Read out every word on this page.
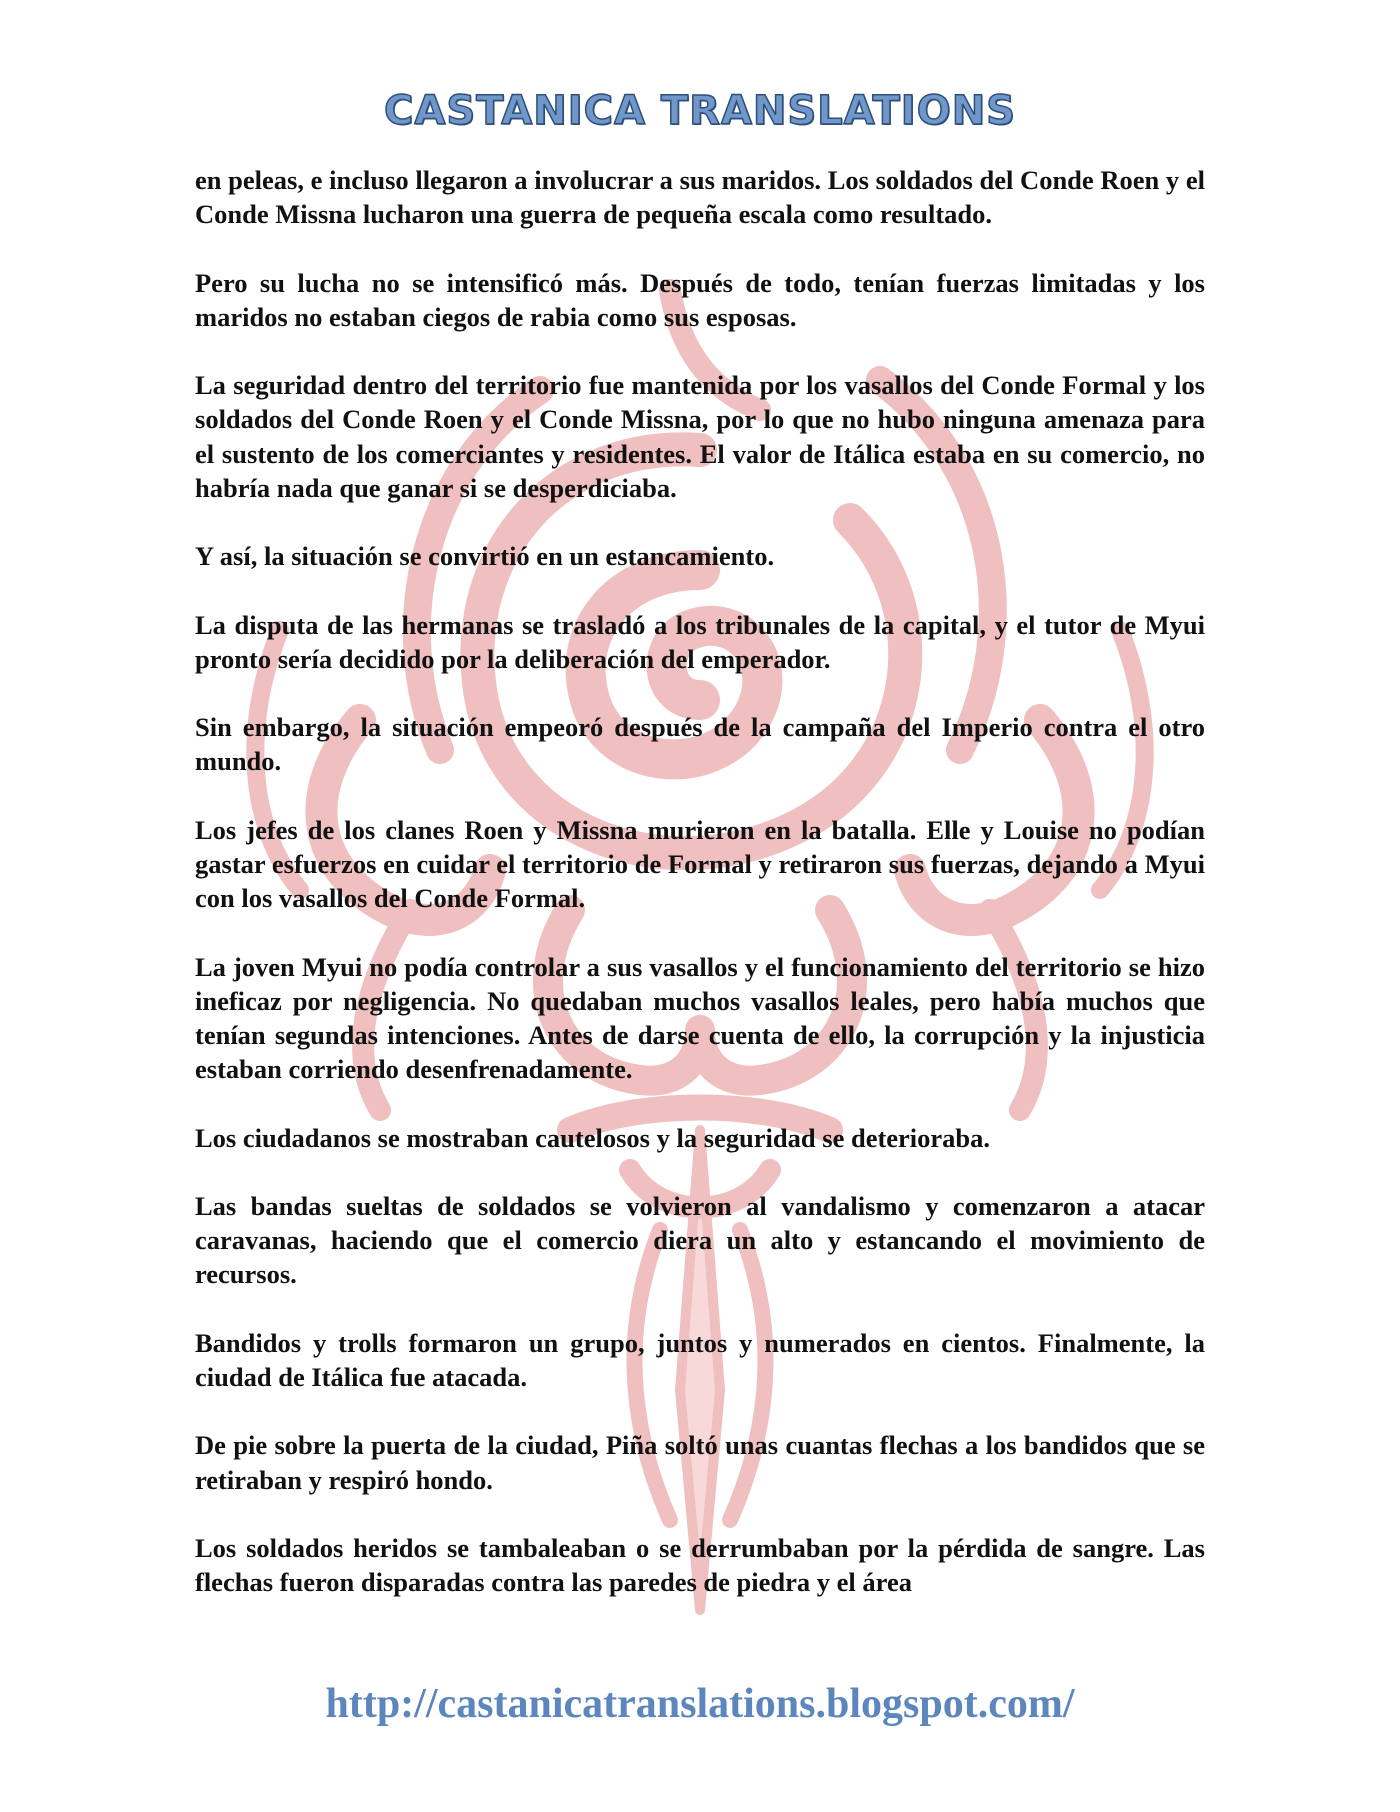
CASTANICA TRANSLATIONS

en peleas, e incluso llegaron a involucrar a sus maridos. Los soldados del Conde Roen y el Conde Missna lucharon una guerra de pequeña escala como resultado.

Pero su lucha no se intensificó más. Después de todo, tenían fuerzas limitadas y los maridos no estaban ciegos de rabia como sus esposas.

La seguridad dentro del territorio fue mantenida por los vasallos del Conde Formal y los soldados del Conde Roen y el Conde Missna, por lo que no hubo ninguna amenaza para el sustento de los comerciantes y residentes. El valor de Itálica estaba en su comercio, no habría nada que ganar si se desperdiciaba.

Y así, la situación se convirtió en un estancamiento.

La disputa de las hermanas se trasladó a los tribunales de la capital, y el tutor de Myui pronto sería decidido por la deliberación del emperador.

Sin embargo, la situación empeoró después de la campaña del Imperio contra el otro mundo.

Los jefes de los clanes Roen y Missna murieron en la batalla. Elle y Louise no podían gastar esfuerzos en cuidar el territorio de Formal y retiraron sus fuerzas, dejando a Myui con los vasallos del Conde Formal.

La joven Myui no podía controlar a sus vasallos y el funcionamiento del territorio se hizo ineficaz por negligencia. No quedaban muchos vasallos leales, pero había muchos que tenían segundas intenciones. Antes de darse cuenta de ello, la corrupción y la injusticia estaban corriendo desenfrenadamente.

Los ciudadanos se mostraban cautelosos y la seguridad se deterioraba.

Las bandas sueltas de soldados se volvieron al vandalismo y comenzaron a atacar caravanas, haciendo que el comercio diera un alto y estancando el movimiento de recursos.

Bandidos y trolls formaron un grupo, juntos y numerados en cientos. Finalmente, la ciudad de Itálica fue atacada.

De pie sobre la puerta de la ciudad, Piña soltó unas cuantas flechas a los bandidos que se retiraban y respiró hondo.

Los soldados heridos se tambaleaban o se derrumbaban por la pérdida de sangre. Las flechas fueron disparadas contra las paredes de piedra y el área

http://castanicatranslations.blogspot.com/
